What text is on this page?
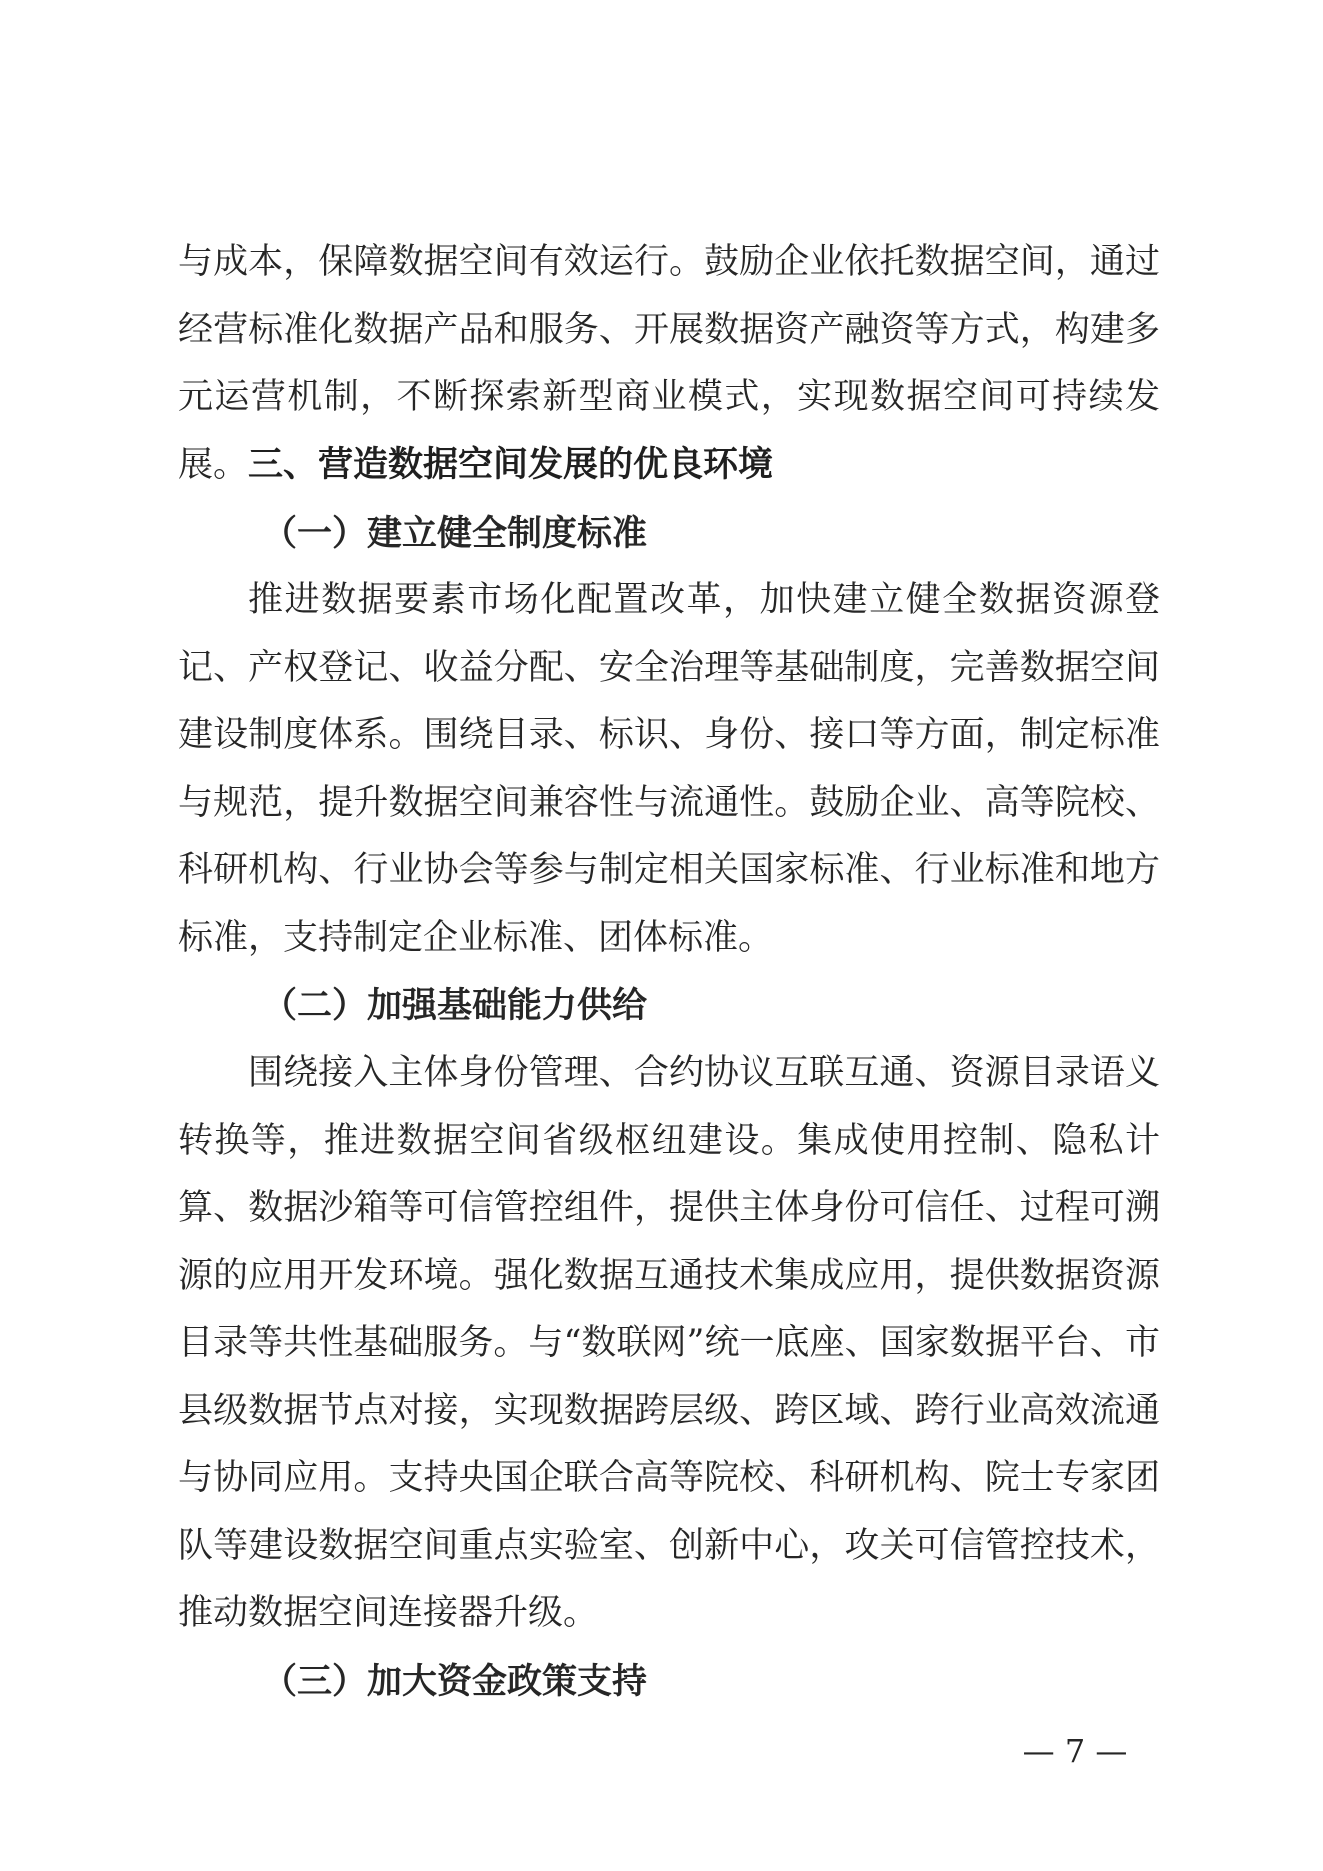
与成本，保障数据空间有效运行。鼓励企业依托数据空间，通过经营标准化数据产品和服务、开展数据资产融资等方式，构建多元运营机制，不断探索新型商业模式，实现数据空间可持续发展。 三、营造数据空间发展的优良环境
（一）建立健全制度标准
推进数据要素市场化配置改革，加快建立健全数据资源登记、产权登记、收益分配、安全治理等基础制度，完善数据空间建设制度体系。围绕目录、标识、身份、接口等方面，制定标准与规范，提升数据空间兼容性与流通性。鼓励企业、高等院校、科研机构、行业协会等参与制定相关国家标准、行业标准和地方标准，支持制定企业标准、团体标准。
（二）加强基础能力供给
围绕接入主体身份管理、合约协议互联互通、资源目录语义转换等，推进数据空间省级枢纽建设。集成使用控制、隐私计算、数据沙箱等可信管控组件，提供主体身份可信任、过程可溯源的应用开发环境。强化数据互通技术集成应用，提供数据资源目录等共性基础服务。与“数联网”统一底座、国家数据平台、市县级数据节点对接，实现数据跨层级、跨区域、跨行业高效流通与协同应用。支持央国企联合高等院校、科研机构、院士专家团队等建设数据空间重点实验室、创新中心，攻关可信管控技术，推动数据空间连接器升级。
（三）加大资金政策支持
— 7 —
